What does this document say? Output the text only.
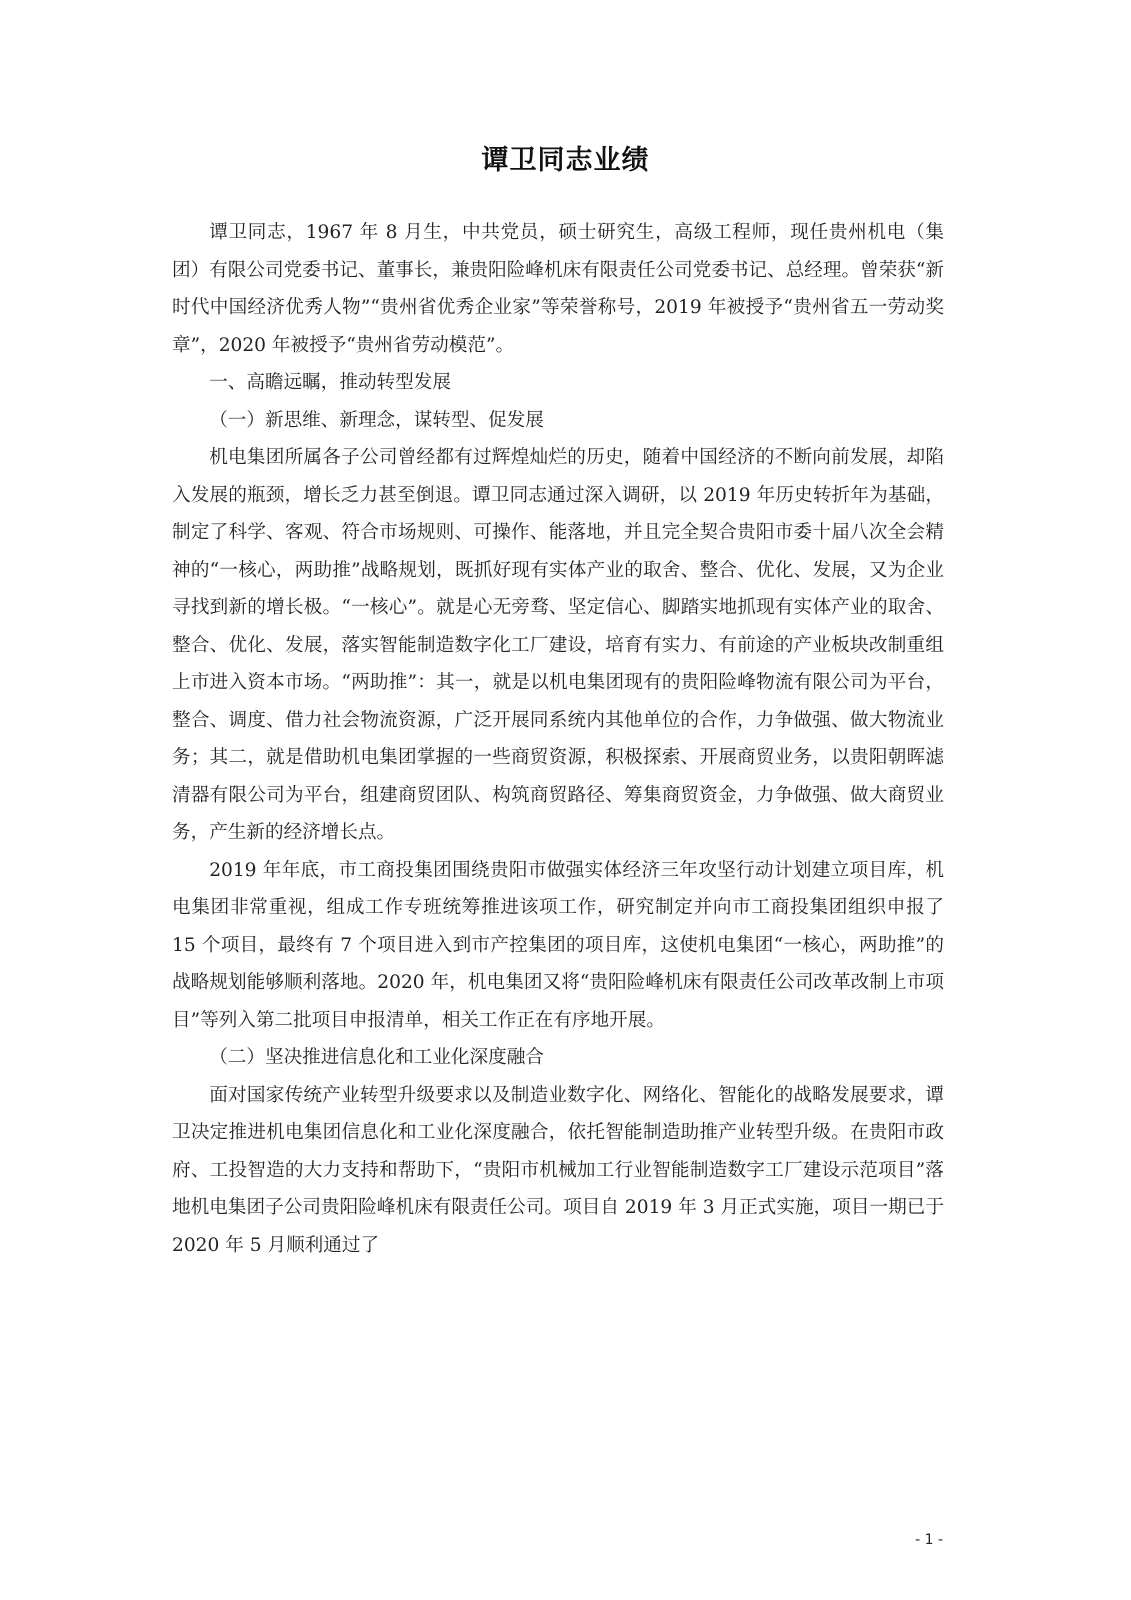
谭卫同志业绩

谭卫同志，1967 年 8 月生，中共党员，硕士研究生，高级工程师，现任贵州机电（集团）有限公司党委书记、董事长，兼贵阳险峰机床有限责任公司党委书记、总经理。曾荣获“新时代中国经济优秀人物”“贵州省优秀企业家”等荣誉称号，2019 年被授予“贵州省五一劳动奖章”，2020 年被授予“贵州省劳动模范”。

一、高瞻远瞩，推动转型发展

（一）新思维、新理念，谋转型、促发展

机电集团所属各子公司曾经都有过辉煌灿烂的历史，随着中国经济的不断向前发展，却陷入发展的瓶颈，增长乏力甚至倒退。谭卫同志通过深入调研，以 2019 年历史转折年为基础，制定了科学、客观、符合市场规则、可操作、能落地，并且完全契合贵阳市委十届八次全会精神的“一核心，两助推”战略规划，既抓好现有实体产业的取舍、整合、优化、发展，又为企业寻找到新的增长极。“一核心”。就是心无旁骛、坚定信心、脚踏实地抓现有实体产业的取舍、整合、优化、发展，落实智能制造数字化工厂建设，培育有实力、有前途的产业板块改制重组上市进入资本市场。“两助推”：其一，就是以机电集团现有的贵阳险峰物流有限公司为平台，整合、调度、借力社会物流资源，广泛开展同系统内其他单位的合作，力争做强、做大物流业务；其二，就是借助机电集团掌握的一些商贸资源，积极探索、开展商贸业务，以贵阳朝晖滤清器有限公司为平台，组建商贸团队、构筑商贸路径、筹集商贸资金，力争做强、做大商贸业务，产生新的经济增长点。

2019 年年底，市工商投集团围绕贵阳市做强实体经济三年攻坚行动计划建立项目库，机电集团非常重视，组成工作专班统筹推进该项工作，研究制定并向市工商投集团组织申报了 15 个项目，最终有 7 个项目进入到市产控集团的项目库，这使机电集团“一核心，两助推”的战略规划能够顺利落地。2020 年，机电集团又将“贵阳险峰机床有限责任公司改革改制上市项目”等列入第二批项目申报清单，相关工作正在有序地开展。

（二）坚决推进信息化和工业化深度融合

面对国家传统产业转型升级要求以及制造业数字化、网络化、智能化的战略发展要求，谭卫决定推进机电集团信息化和工业化深度融合，依托智能制造助推产业转型升级。在贵阳市政府、工投智造的大力支持和帮助下，“贵阳市机械加工行业智能制造数字工厂建设示范项目”落地机电集团子公司贵阳险峰机床有限责任公司。项目自 2019 年 3 月正式实施，项目一期已于 2020 年 5 月顺利通过了

- 1 -
